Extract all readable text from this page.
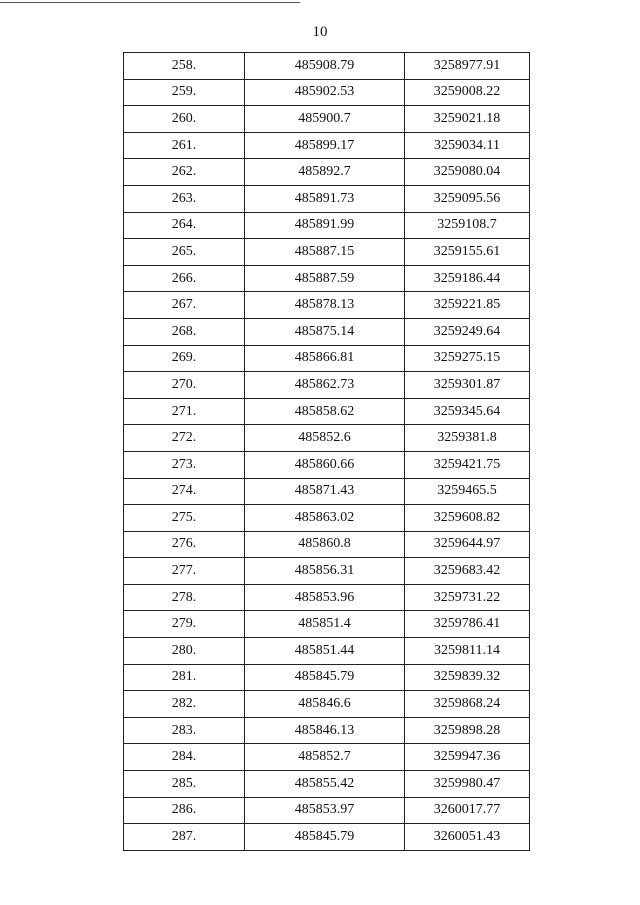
10
258.	485908.79	3258977.91
259.	485902.53	3259008.22
260.	485900.7	3259021.18
261.	485899.17	3259034.11
262.	485892.7	3259080.04
263.	485891.73	3259095.56
264.	485891.99	3259108.7
265.	485887.15	3259155.61
266.	485887.59	3259186.44
267.	485878.13	3259221.85
268.	485875.14	3259249.64
269.	485866.81	3259275.15
270.	485862.73	3259301.87
271.	485858.62	3259345.64
272.	485852.6	3259381.8
273.	485860.66	3259421.75
274.	485871.43	3259465.5
275.	485863.02	3259608.82
276.	485860.8	3259644.97
277.	485856.31	3259683.42
278.	485853.96	3259731.22
279.	485851.4	3259786.41
280.	485851.44	3259811.14
281.	485845.79	3259839.32
282.	485846.6	3259868.24
283.	485846.13	3259898.28
284.	485852.7	3259947.36
285.	485855.42	3259980.47
286.	485853.97	3260017.77
287.	485845.79	3260051.43
